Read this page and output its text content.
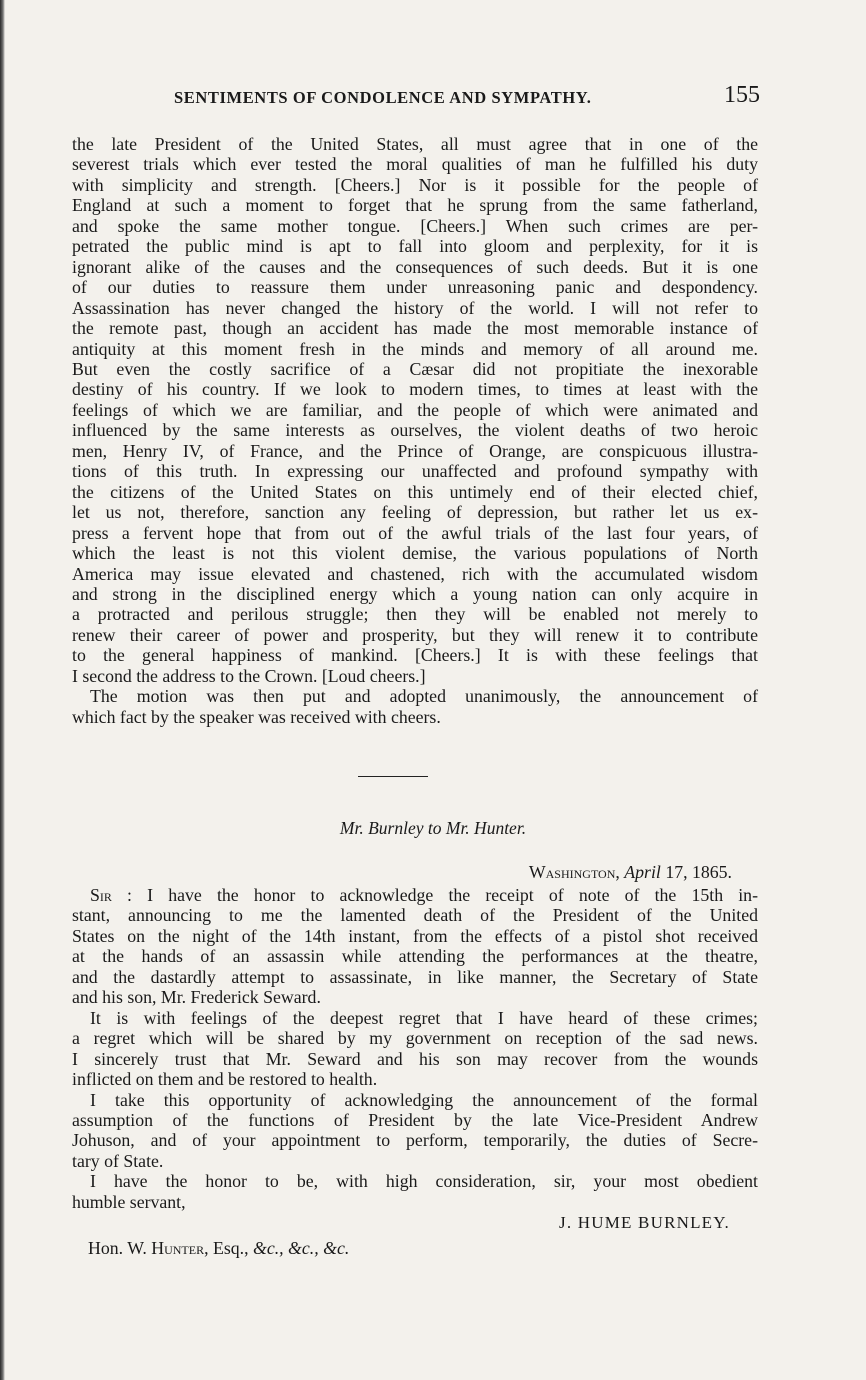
SENTIMENTS OF CONDOLENCE AND SYMPATHY.	155
the late President of the United States, all must agree that in one of the
severest trials which ever tested the moral qualities of man he fulfilled his duty
with simplicity and strength. [Cheers.] Nor is it possible for the people of
England at such a moment to forget that he sprung from the same fatherland,
and spoke the same mother tongue. [Cheers.] When such crimes are per-
petrated the public mind is apt to fall into gloom and perplexity, for it is
ignorant alike of the causes and the consequences of such deeds. But it is one
of our duties to reassure them under unreasoning panic and despondency.
Assassination has never changed the history of the world. I will not refer to
the remote past, though an accident has made the most memorable instance of
antiquity at this moment fresh in the minds and memory of all around me.
But even the costly sacrifice of a Cæsar did not propitiate the inexorable
destiny of his country. If we look to modern times, to times at least with the
feelings of which we are familiar, and the people of which were animated and
influenced by the same interests as ourselves, the violent deaths of two heroic
men, Henry IV, of France, and the Prince of Orange, are conspicuous illustra-
tions of this truth. In expressing our unaffected and profound sympathy with
the citizens of the United States on this untimely end of their elected chief,
let us not, therefore, sanction any feeling of depression, but rather let us ex-
press a fervent hope that from out of the awful trials of the last four years, of
which the least is not this violent demise, the various populations of North
America may issue elevated and chastened, rich with the accumulated wisdom
and strong in the disciplined energy which a young nation can only acquire in
a protracted and perilous struggle; then they will be enabled not merely to
renew their career of power and prosperity, but they will renew it to contribute
to the general happiness of mankind. [Cheers.] It is with these feelings that
I second the address to the Crown. [Loud cheers.]
The motion was then put and adopted unanimously, the announcement of
which fact by the speaker was received with cheers.
Mr. Burnley to Mr. Hunter.
Washington, April 17, 1865.
Sir : I have the honor to acknowledge the receipt of note of the 15th in-
stant, announcing to me the lamented death of the President of the United
States on the night of the 14th instant, from the effects of a pistol shot received
at the hands of an assassin while attending the performances at the theatre,
and the dastardly attempt to assassinate, in like manner, the Secretary of State
and his son, Mr. Frederick Seward.
It is with feelings of the deepest regret that I have heard of these crimes;
a regret which will be shared by my government on reception of the sad news.
I sincerely trust that Mr. Seward and his son may recover from the wounds
inflicted on them and be restored to health.
I take this opportunity of acknowledging the announcement of the formal
assumption of the functions of President by the late Vice-President Andrew
Johuson, and of your appointment to perform, temporarily, the duties of Secre-
tary of State.
I have the honor to be, with high consideration, sir, your most obedient
humble servant,
J. HUME BURNLEY.
Hon. W. Hunter, Esq., &c., &c., &c.
